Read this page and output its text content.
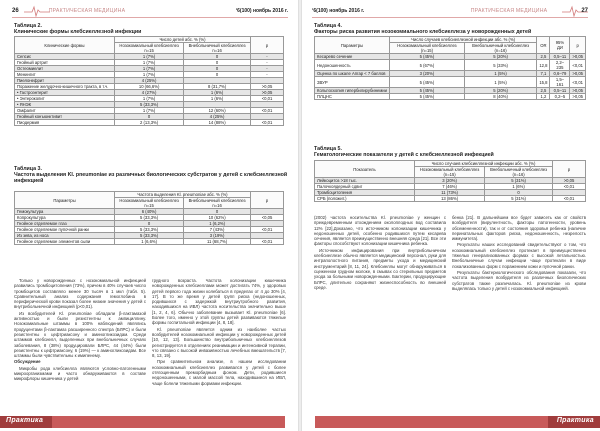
26	ПРАКТИЧЕСКАЯ МЕДИЦИНА	‘6(100) ноябрь 2016 г.
Таблица 2.
Клинические формы клебсиеллезной инфекции
Клинические формы	Число детей абс. % (%)		p
	Нозокомиальный клебсиеллез n=15	Внебольничный клебсиеллез n=16	
Сепсис	1 (7%)	0	-
Гнойный артрит	1 (7%)	0	-
Остеомиелит	1 (7%)	0	-
Менингит	1 (7%)	0	-
Пиелонефрит	4 (25%)		
Поражение желудочно-кишечного тракта, в т.ч.	10 (66,6%)	8 (31,7%)	>0,05
• Гастроэнтерит	4 (27%)	1 (6%)	>0,05
• Энтероколит	1 (7%)	1 (6%)	<0,01
• ЯНЭК	5 (33,3%)		
Омфалит	1 (7%)	12 (60%)	<0,01
Гнойный конъюнктивит	0	4 (25%)	
Пиодермия	2 (13,3%)	14 (88%)	<0,01
Таблица 3.
Частота выделения Kl. pneumoniae из различных биологических субстратов у детей с клебсиеллезной инфекцией
Параметры	Частота выделения Kl. pneumoniae абс. % (%)		p
	Нозокомиальный клебсиеллез n=15	Внебольничный клебсиеллез n=16	
Гемокультура	6 (40%)	0	
Копрокультура	5 (33,3%)	10 (62%)	<0,05
Гнойное отделяемое глаз	0	1 (6,2%)	
Гнойное отделяемое пупочной ранки	5 (33,3%)	7 (43%)	<0,01
Из зева, из носа	5 (33,3%)	3 (19%)	
Гнойное отделяемое элементов сыпи	1 (6,6%)	11 (68,7%)	<0,01

Только у новорожденных с нозокомиальной инфекцией развились тромбоцитопения (73%), причем в 40% случаев число тромбоцитов составляло менее 30 тысяч в 1 мкл (табл. 5). Сравнительный анализ содержания гемоглобина в периферической крови показал более низкие значения у детей с внутрибольничной инфекцией (p<0,01).

Из возбудителей Kl. pneumoniae обладали β-лактамазой активностью и были резистентны к ампициллину. Нозокомиальные штаммы в 100% наблюдений являлись продуцентами β-лактамаз расширенного спектра (БЛРС) и были резистентны к цефтриаксону и аминогликозидам. Среди штаммов клебсиелл, выделенных при внебольничных случаях заболевания, 8 (38%) продуцировали БЛРС, 44 (44%) были резистентны к цефтриаксону, 6 (19%) — к аминогликозидам. Все штаммы были чувствительны к имипенему.

Обсуждение

Микробы рода клебсиелла являются условно-патогенными микроорганизмами и часто обнаруживаются в составе микрофлоры кишечника у детей

грудного возраста. Частота колонизации кишечника новорожденных клебсиеллами может достигать 74%, у здоровых детей первого года жизни колебаться в пределах от 4 до 30% [4, 17]. В то же время у детей групп риска (недоношенных, родившихся с задержкой внутриутробного развития, находившихся на ИВЛ) частота носительства значительно выше [1, 2, 4, 6]. Обычно заболевание вызывает Kl. pneumoniae [6]. Более того, именно у этой группы детей развиваются тяжелые формы госпитальной инфекции [4, 8, 18].

Kl. pneumoniae является одним из наиболее частых возбудителей нозокомиальной инфекции у новорожденных детей [10, 12, 13]. Большинство внутрибольничных клебсиеллезов регистрируется в отделениях реанимации и интенсивной терапии, что связано с высокой инвазивностью лечебных вмешательств [7, 8, 13, 19].

При сравнительном анализе, в нашем исследовании нозокомиальный клебсиеллез развивался у детей с более отягощенным преморбидным фоном. Дети, родившиеся недоношенными, с малой массой тела, находившиеся на ИВЛ, чаще болели тяжелыми формами инфекции.

Практика
‘6(100) ноябрь 2016 г.	ПРАКТИЧЕСКАЯ МЕДИЦИНА	27
Таблица 4.
Факторы риска развития нозокомиального клебсиеллеза у новорожденных детей
Параметры	Число случаев клебсиеллезной инфекции абс. % (%)		OR	95% ДИ	p
	Нозокомиальный клебсиеллез (n=15)	Внебольничный клебсиеллез (n=16)			
Кесарево сечение	5 (45%)	5 (20%)	2,5	0,5–11	>0,05
Недоношенность	5 (67%)	5 (33%)	12,8	2,2–235	<0,01
Оценка по шкале Апгар < 7 баллов	3 (20%)	1 (5%)	7,1	0,6–79	>0,05
ЗВУР	5 (45%)	1 (5%)	15,8	1,5–161	<0,01
Кольпоскопия гипербилирубинемии	5 (45%)	5 (20%)	2,5	0,5–11	>0,05
ПЛЦНС	5 (45%)	8 (40%)	1,2	0,2–5	>0,05
Таблица 5.
Гематологические показатели у детей с клебсиеллезной инфекцией
Показатель	Число случаев клебсиеллезной инфекции абс. % (%)		p
	Нозокомиальный клебсиеллез (n=15)	Внебольничный клебсиеллез (n=16)	
Лейкоцитоз >18 тыс.	3 (20%)	5 (31%)	>0,05
Палочкоядерный сдвиг	7 (46%)	1 (6%)	<0,01
Тромбоцитопения	11 (73%)	0	
СРБ (положит.)	13 (86%)	5 (31%)	<0,01

(2002) частота носительства Kl. pneumoniae у женщин с преждевременным отхождением околоплодных вод составила 12% [22].Доказано, что источником колонизации кишечника у недоношенных детей, особенно родившихся путем кесарева сечения, является преимущественно внешняя среда [21]. Все эти факторы способствуют колонизации кишечника ребенка.

Источником инфицирования при внутрибольничном клебсиеллезе обычно является медицинский персонал, руки для интраполостного питания, предметы ухода и медицинский инструментарий [8, 11, 24]. Клебсиеллы могут обнаруживаться в сцеженном грудном молоке, в смывах со стерильных предметов ухода за больными новорожденными. Бактерии, продуцирующие БЛРС, длительно сохраняют жизнеспособность во внешней среде.

бенка [21]. В дальнейшем все будет зависеть как от свойств возбудителя (вирулентность, факторы патогенности, уровень обсемененности), так и от состояния здоровья ребенка (наличие перинатальных факторов риска, недоношенность, незрелость иммунитета).

Результаты наших исследований свидетельствуют о том, что нозокомиальный клебсиеллез протекает в преимущественно тяжелых генерализованных формах с высокой летальностью. Внебольничные случаи инфекции чаще протекали в виде локализованных форм с поражением кожи и пупочной ранки.

Результаты бактериологического обследования показали, что частота выделения возбудителя из различных биологических субстратов также различалась. Kl. pneumoniae из крови выделялась только у детей с нозокомиальной инфекцией.

Практика
